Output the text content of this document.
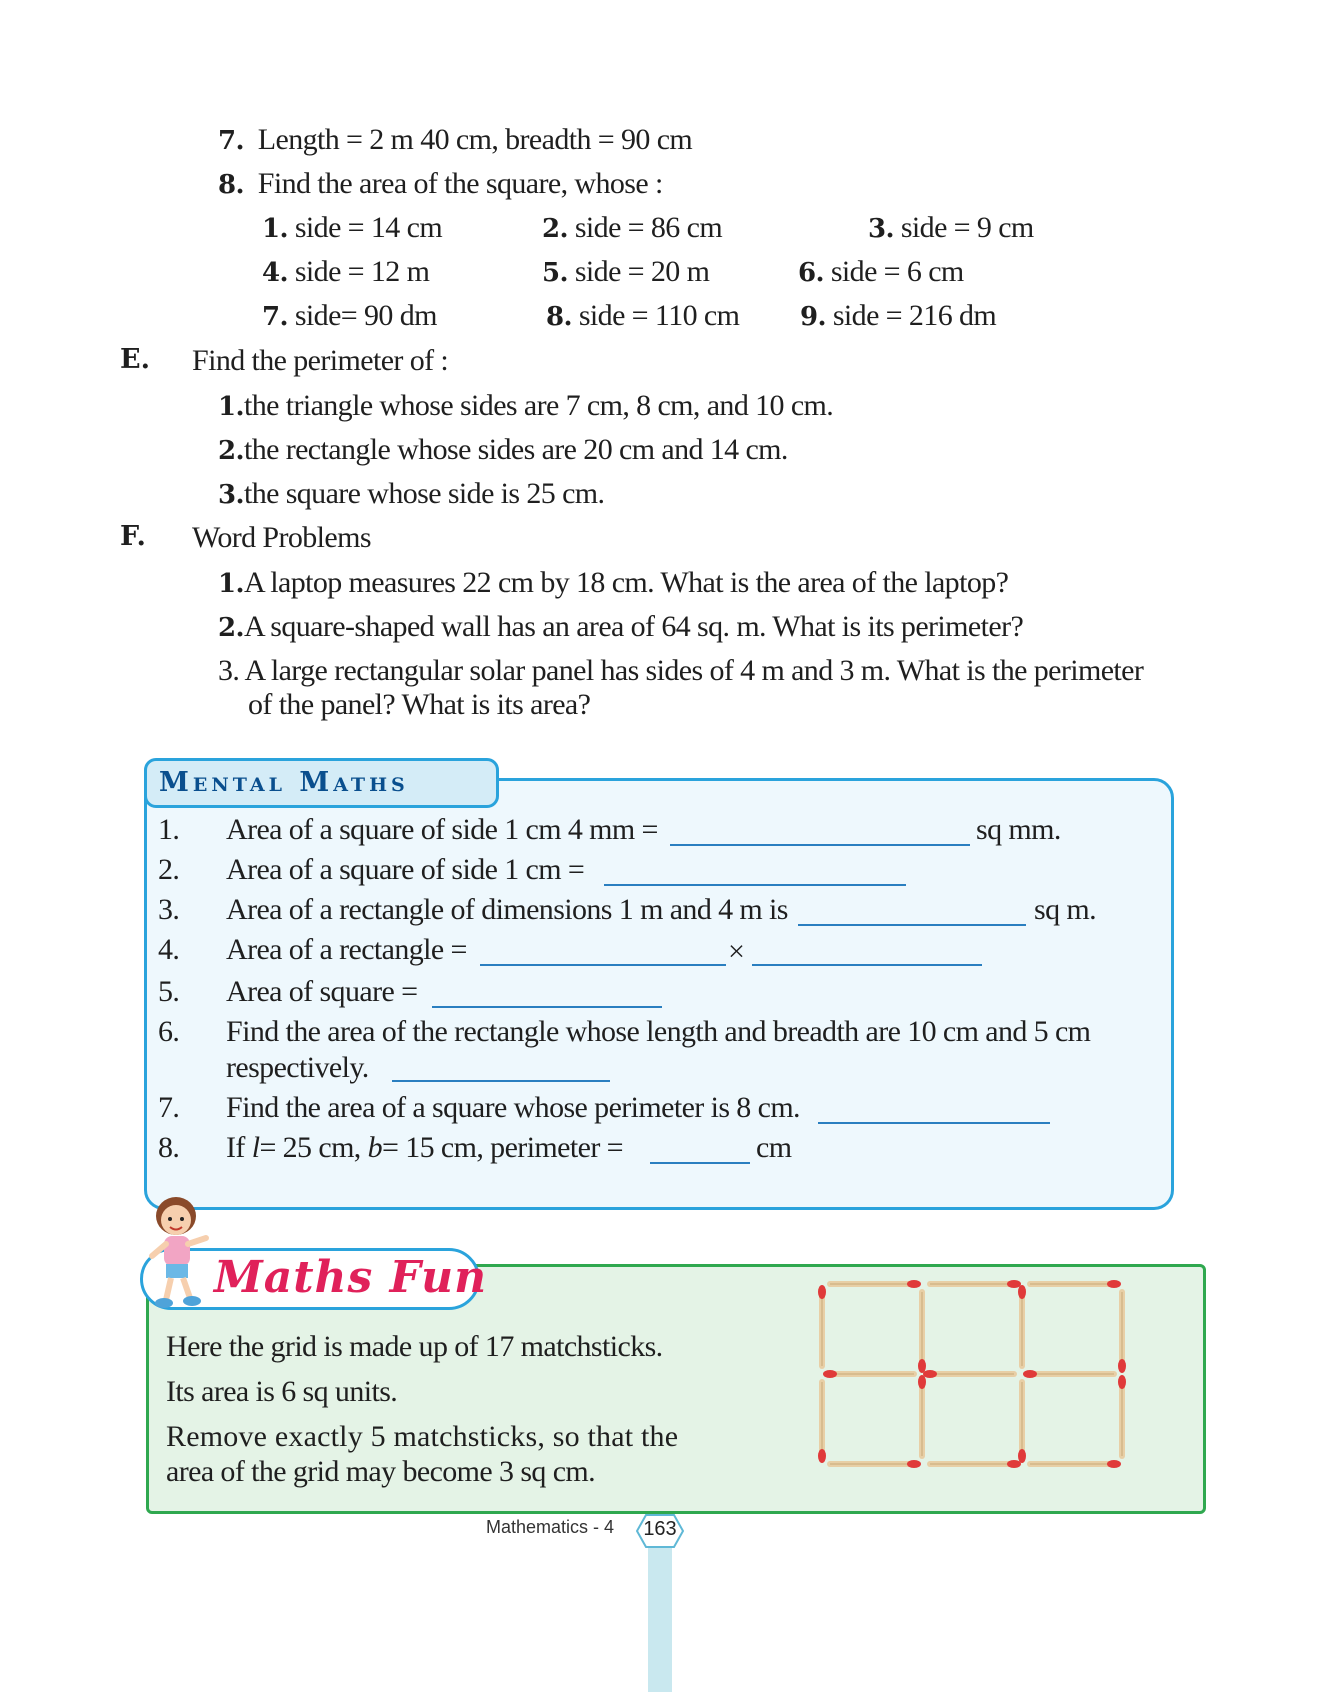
7. Length = 2 m 40 cm, breadth = 90 cm
8. Find the area of the square, whose :
1. side = 14 cm	2. side = 86 cm	3. side = 9 cm
4. side = 12 m	5. side = 20 m	6. side = 6 cm
7. side= 90 dm	8. side = 110 cm 9. side = 216 dm
E. Find the perimeter of :
1.the triangle whose sides are 7 cm, 8 cm, and 10 cm.
2.the rectangle whose sides are 20 cm and 14 cm.
3.the square whose side is 25 cm.
F. Word Problems
1.A laptop measures 22 cm by 18 cm. What is the area of the laptop?
2.A square-shaped wall has an area of 64 sq. m. What is its perimeter?
3. A large rectangular solar panel has sides of 4 m and 3 m. What is the perimeter
of the panel? What is its area?
Mental Maths
1. Area of a square of side 1 cm 4 mm =	sq mm.
2. Area of a square of side 1 cm =
3. Area of a rectangle of dimensions 1 m and 4 m is	sq m.
4. Area of a rectangle =	×
5. Area of square =
6. Find the area of the rectangle whose length and breadth are 10 cm and 5 cm
respectively.
7. Find the area of a square whose perimeter is 8 cm.
8. If l= 25 cm, b= 15 cm, perimeter =	cm
Maths Fun
Here the grid is made up of 17 matchsticks.
Its area is 6 sq units.
Remove exactly 5 matchsticks, so that the
area of the grid may become 3 sq cm.
Mathematics - 4	163
